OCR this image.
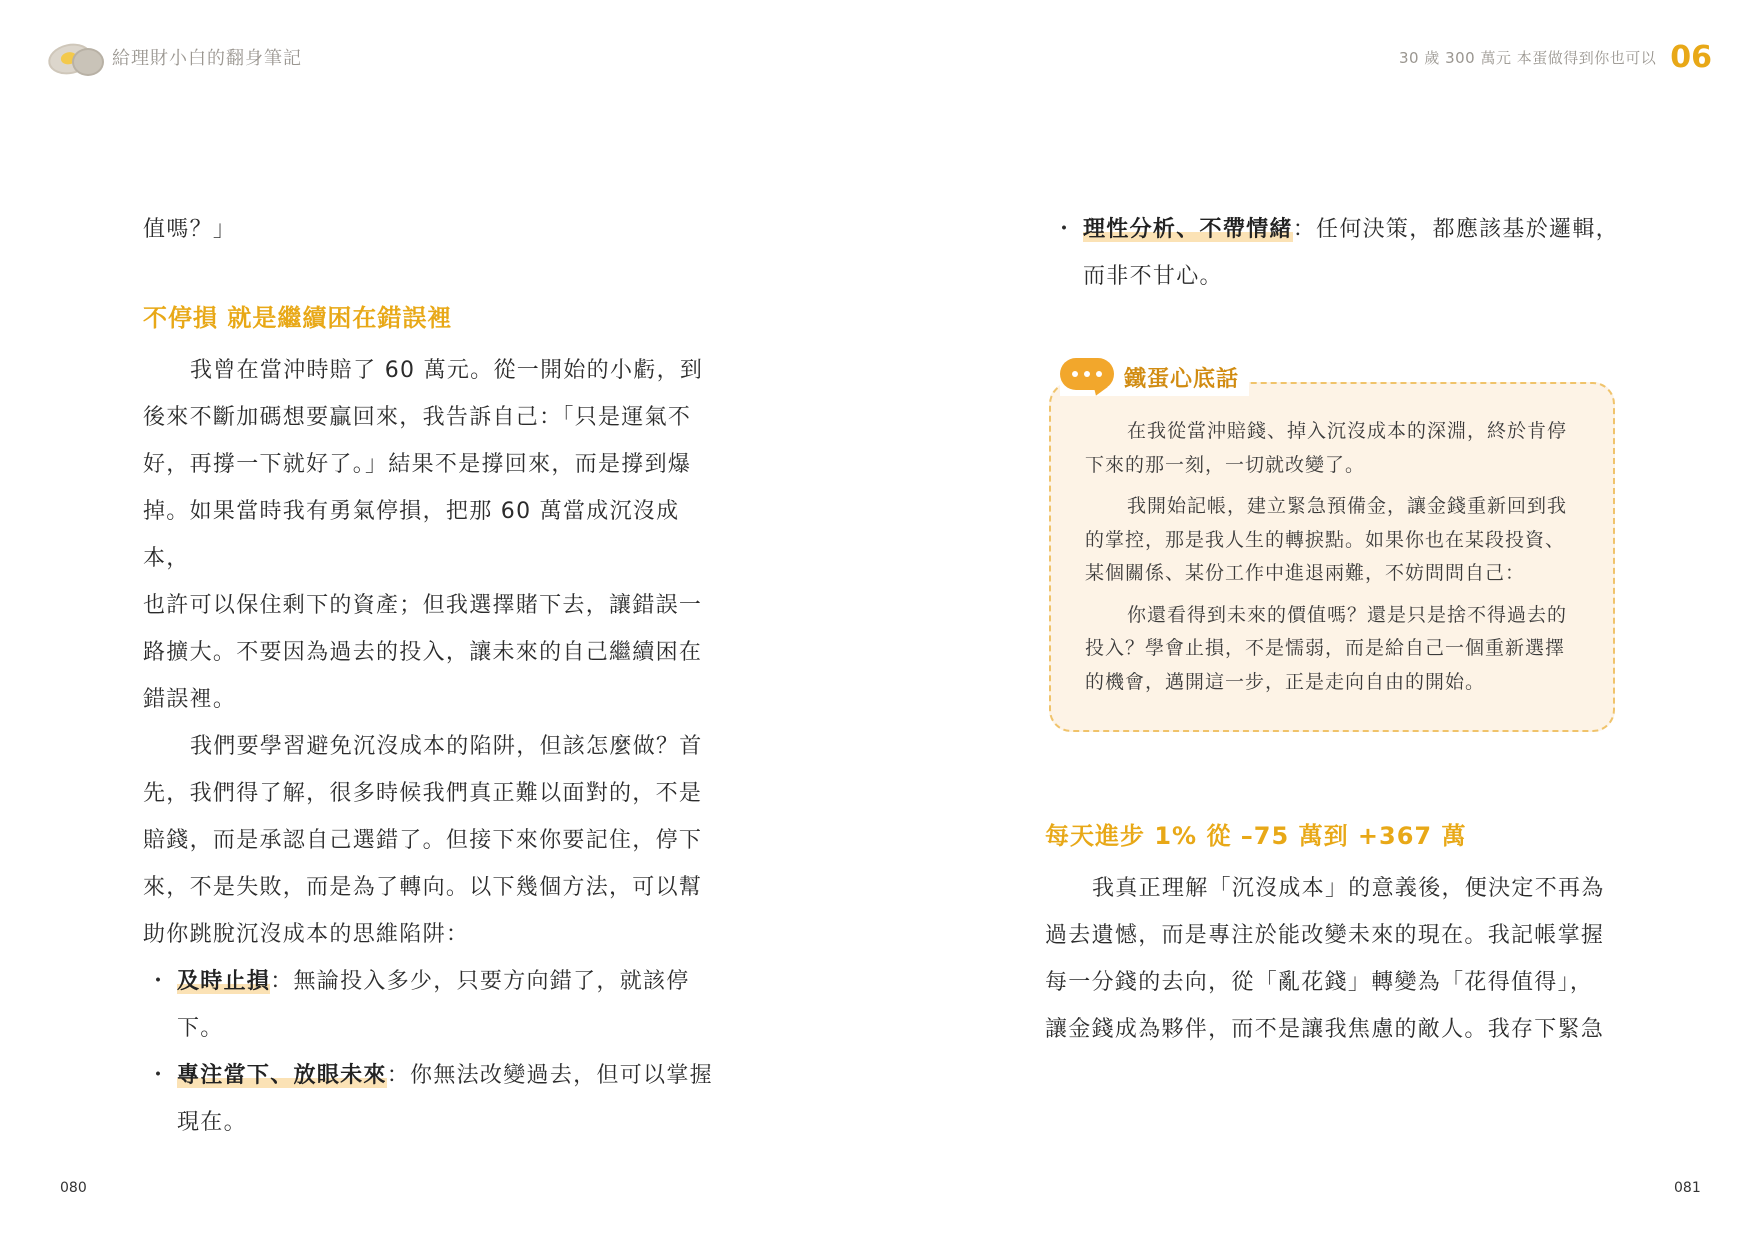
給理財小白的翻身筆記

值嗎？」

不停損 就是繼續困在錯誤裡

我曾在當沖時賠了 60 萬元。從一開始的小虧，到

後來不斷加碼想要贏回來，我告訴自己：「只是運氣不

好，再撐一下就好了。」結果不是撐回來，而是撐到爆

掉。如果當時我有勇氣停損，把那 60 萬當成沉沒成本，

也許可以保住剩下的資產；但我選擇賭下去，讓錯誤一

路擴大。不要因為過去的投入，讓未來的自己繼續困在

錯誤裡。

我們要學習避免沉沒成本的陷阱，但該怎麼做？首

先，我們得了解，很多時候我們真正難以面對的，不是

賠錢，而是承認自己選錯了。但接下來你要記住，停下

來，不是失敗，而是為了轉向。以下幾個方法，可以幫

助你跳脫沉沒成本的思維陷阱：

・ 及時止損：無論投入多少，只要方向錯了，就該停下。
・ 專注當下、放眼未來：你無法改變過去，但可以掌握
現在。
080
30 歲 300 萬元 本蛋做得到你也可以 06
・ 理性分析、不帶情緒：任何決策，都應該基於邏輯，
而非不甘心。
081
鐵蛋心底話

在我從當沖賠錢、掉入沉沒成本的深淵，終於肯停

下來的那一刻，一切就改變了。

我開始記帳，建立緊急預備金，讓金錢重新回到我

的掌控，那是我人生的轉捩點。如果你也在某段投資、

某個關係、某份工作中進退兩難，不妨問問自己：

你還看得到未來的價值嗎？還是只是捨不得過去的

投入？學會止損，不是懦弱，而是給自己一個重新選擇

的機會，邁開這一步，正是走向自由的開始。

每天進步 1% 從 –75 萬到 +367 萬

我真正理解「沉沒成本」的意義後，便決定不再為

過去遺憾，而是專注於能改變未來的現在。我記帳掌握

每一分錢的去向，從「亂花錢」轉變為「花得值得」，

讓金錢成為夥伴，而不是讓我焦慮的敵人。我存下緊急
